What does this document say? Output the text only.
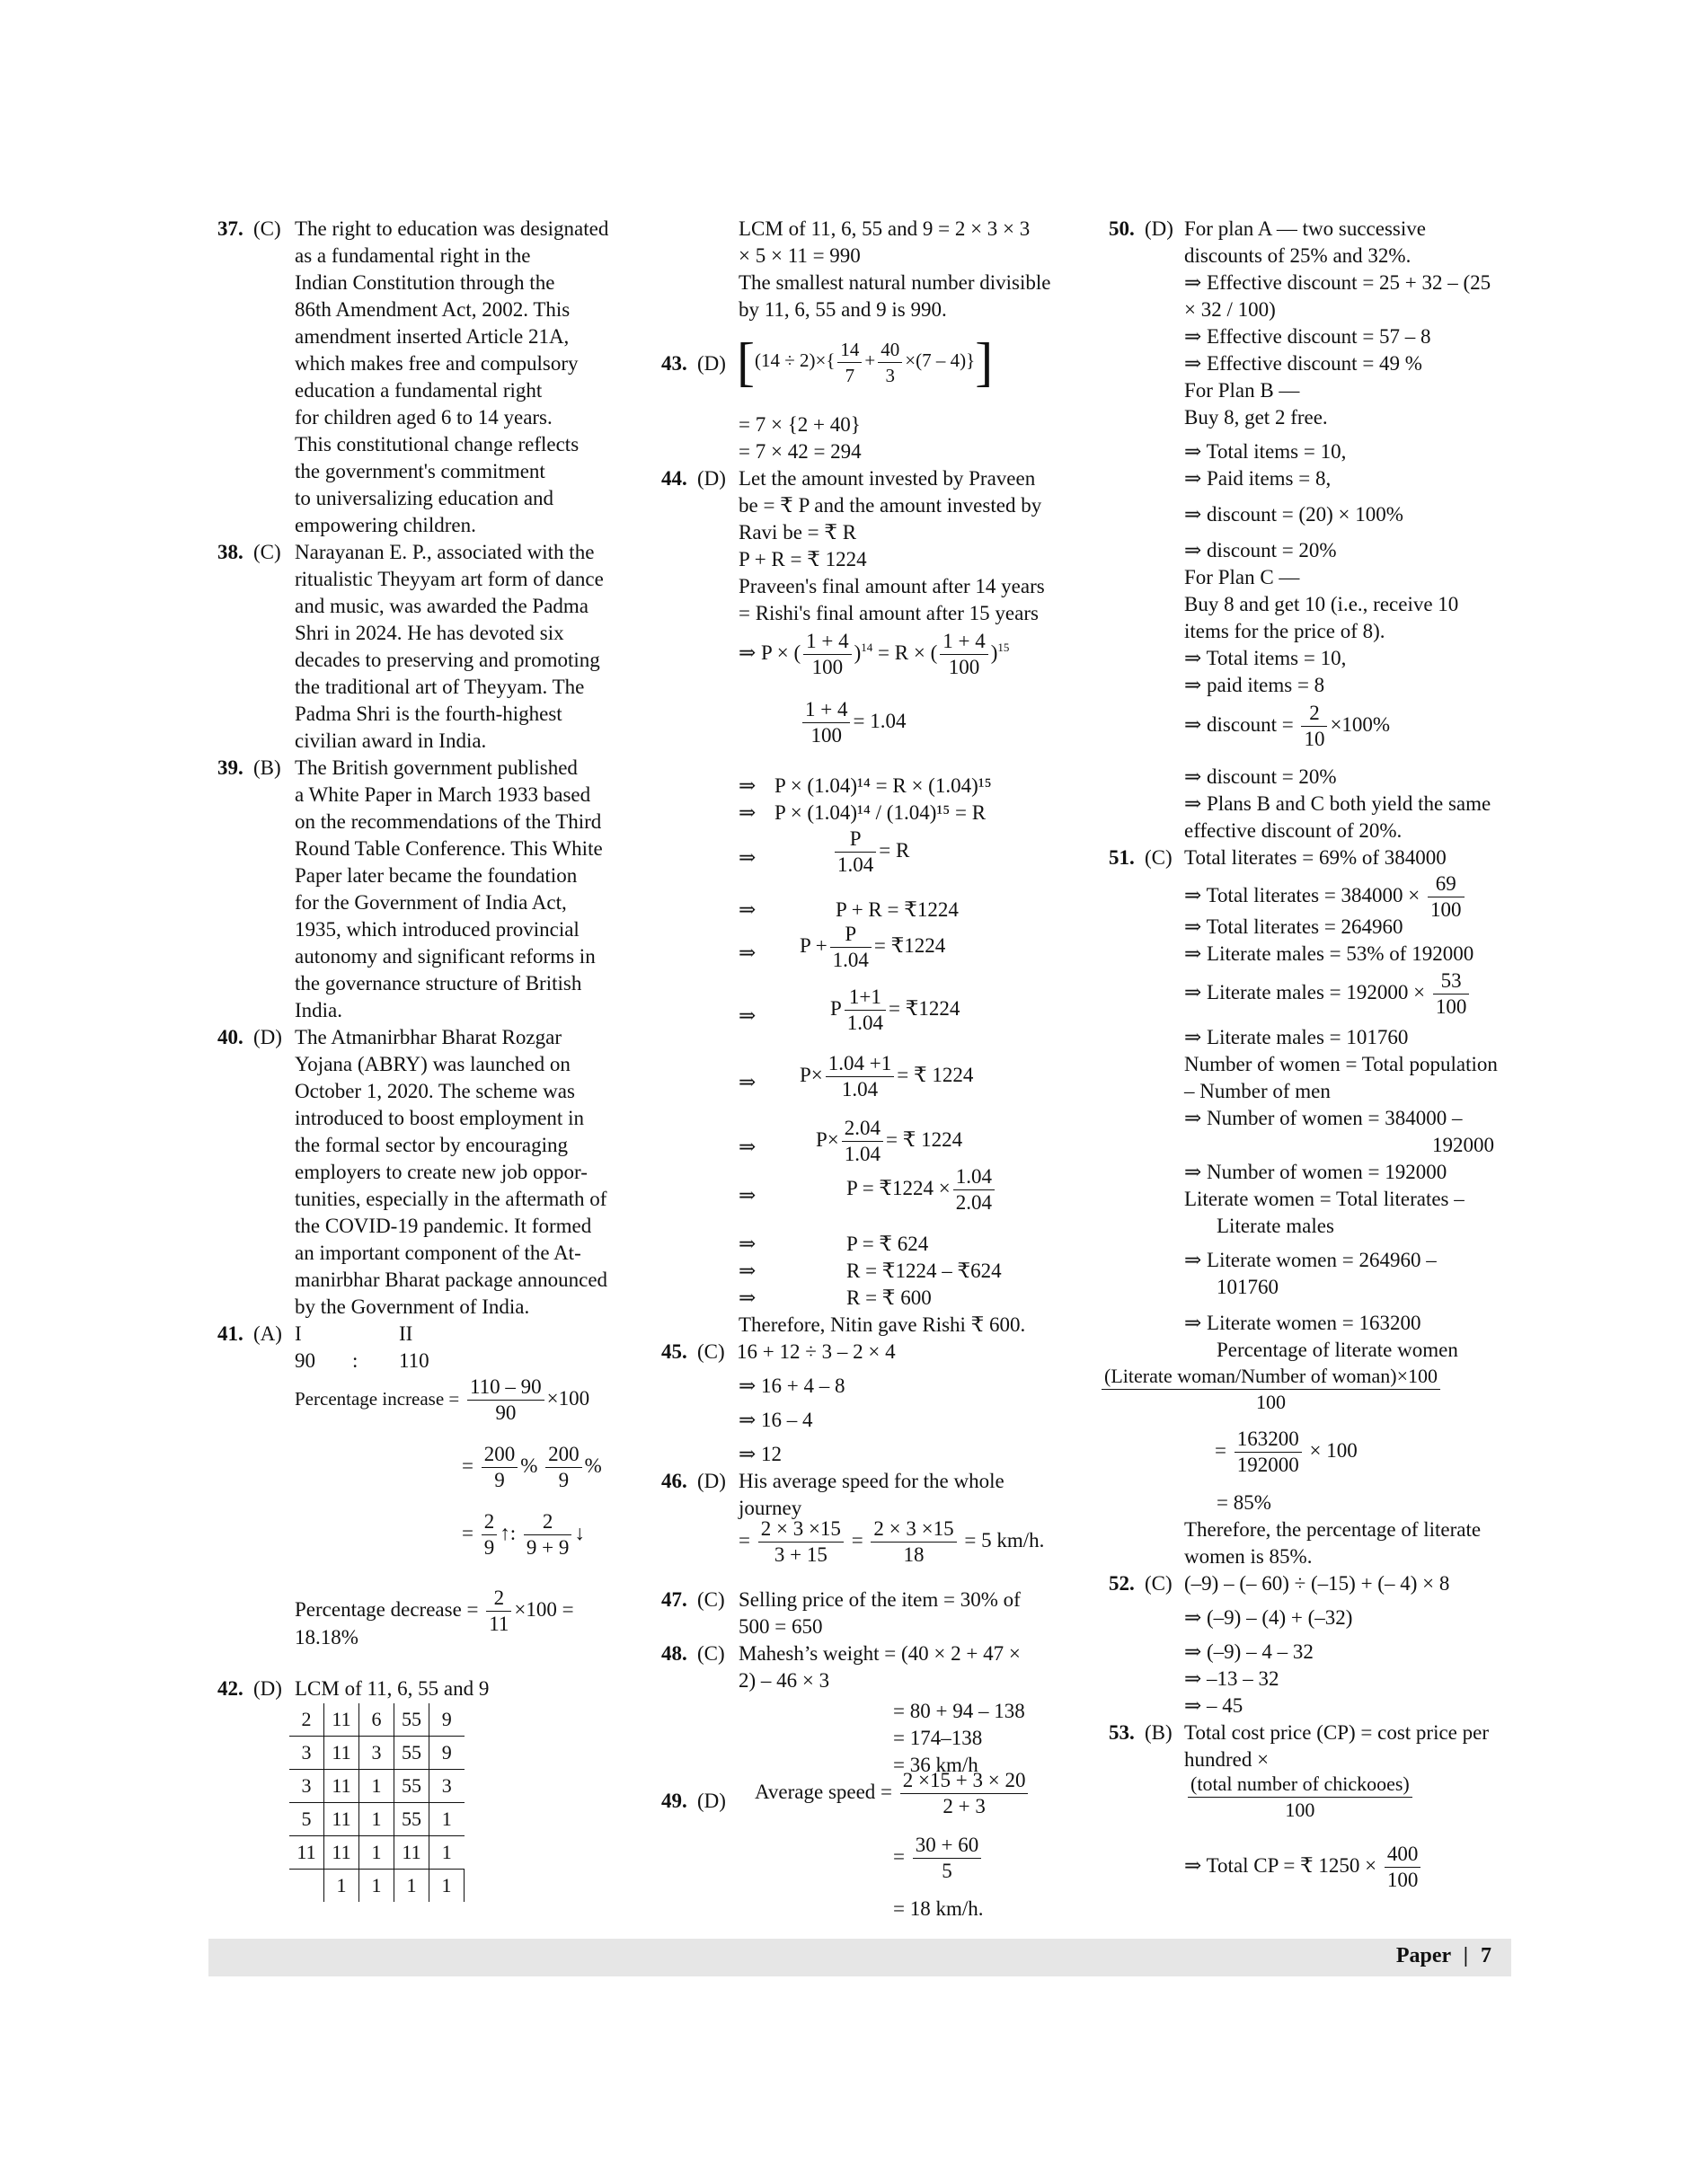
37. (C) The right to education was designated
as a fundamental right in the
Indian Constitution through the
86th Amendment Act, 2002. This
amendment inserted Article 21A,
which makes free and compulsory
education a fundamental right
for children aged 6 to 14 years.
This constitutional change reflects
the government's commitment
to universalizing education and
empowering children.
38. (C) Narayanan E. P., associated with the
ritualistic Theyyam art form of dance
and music, was awarded the Padma
Shri in 2024. He has devoted six
decades to preserving and promoting
the traditional art of Theyyam. The
Padma Shri is the fourth-highest
civilian award in India.
39. (B) The British government published
a White Paper in March 1933 based
on the recommendations of the Third
Round Table Conference. This White
Paper later became the foundation
for the Government of India Act,
1935, which introduced provincial
autonomy and significant reforms in
the governance structure of British
India.
40. (D) The Atmanirbhar Bharat Rozgar
Yojana (ABRY) was launched on
October 1, 2020. The scheme was
introduced to boost employment in
the formal sector by encouraging
employers to create new job oppor-
tunities, especially in the aftermath of
the COVID-19 pandemic. It formed
an important component of the At-
manirbhar Bharat package announced
by the Government of India.
41. (A) I	II
90 : 110
Percentage increase = $\frac{110 - 90}{90} \times 100$
= $\frac{200}{9}$ % $\frac{200}{9}$ %
= $\frac{2}{9}$ ↑: $\frac{2}{9 + 9}$ ↓
Percentage decrease = $\frac{2}{11} \times 100$ =
18.18%
42. (D) LCM of 11, 6, 55 and 9
2	11	6	55	9
3	11	3	55	9
3	11	1	55	3
5	11	1	55	1
11	11	1	11	1
	1	1	1	1
LCM of 11, 6, 55 and 9 = 2 × 3 × 3
× 5 × 11 = 990
The smallest natural number divisible
by 11, 6, 55 and 9 is 990.
43. (D) $[(14 \div 2)\times\{ \frac{14}{7} + \frac{40}{3} \times(7 - 4)\}]$
= 7 × {2 + 40}
= 7 × 42 = 294
44. (D) Let the amount invested by Praveen
be = ₹ P and the amount invested by
Ravi be = ₹ R
P + R = ₹ 1224
Praveen's final amount after 14 years
= Rishi's final amount after 15 years
⇒ P × ( $\frac{1 + 4}{100} )^{14} = R$ × ( $\frac{1 + 4}{100} )^{15}$
$\frac{1 + 4}{100} = 1.04$
⇒ P × (1.04)¹⁴ = R × (1.04)¹⁵
⇒ P × (1.04)¹⁴ / (1.04)¹⁵ = R
⇒	$\frac{P}{1.04} = R$
⇒	P + R = ₹1224
⇒ $P + \frac{P}{1.04}$ = ₹1224
⇒	P $\frac{1+1}{1.04}$ = ₹1224
⇒ $P\times \frac{1.04 +1}{1.04}$ = ₹ 1224
⇒	$P\times \frac{2.04}{1.04}$ = ₹ 1224
⇒	P = ₹1224 × $\frac{1.04}{2.04}$
⇒	P = ₹ 624
⇒	R = ₹1224 – ₹624
⇒	R = ₹ 600
Therefore, Nitin gave Rishi ₹ 600.
45. (C) 16 + 12 ÷ 3 – 2 × 4
⇒ 16 + 4 – 8
⇒ 16 – 4
⇒ 12
46. (D) His average speed for the whole
journey
= $\frac{2 \times 3 \times 15}{3 + 15} = \frac{2 \times 3 \times 15}{18} = 5$ km/h.
47. (C) Selling price of the item = 30% of
500 = 650
48. (C) Mahesh’s weight = (40 × 2 + 47 ×
2) – 46 × 3
= 80 + 94 – 138
= 174–138
= 36 km/h
49. (D) Average speed = $\frac{2 \times 15 + 3 \times 20}{2 + 3}$
= $\frac{30 + 60}{5}$
= 18 km/h.
50. (D) For plan A — two successive
discounts of 25% and 32%.
⇒ Effective discount = 25 + 32 – (25
× 32 / 100)
⇒ Effective discount = 57 – 8
⇒ Effective discount = 49 %
For Plan B —
Buy 8, get 2 free.
⇒ Total items = 10,
⇒ Paid items = 8,
⇒ discount = (20) × 100%
⇒ discount = 20%
For Plan C —
Buy 8 and get 10 (i.e., receive 10
items for the price of 8).
⇒ Total items = 10,
⇒ paid items = 8
⇒ discount = $\frac{2}{10} \times 100\%$
⇒ discount = 20%
⇒ Plans B and C both yield the same
effective discount of 20%.
51. (C) Total literates = 69% of 384000
⇒ Total literates = $384000 \times \frac{69}{100}$
⇒ Total literates = 264960
⇒ Literate males = 53% of 192000
⇒ Literate males = $192000 \times \frac{53}{100}$
⇒ Literate males = 101760
Number of women = Total population
– Number of men
⇒ Number of women = 384000 –
192000
⇒ Number of women = 192000
Literate women = Total literates –
Literate males
⇒ Literate women = 264960 –
101760
⇒ Literate women = 163200
Percentage of literate women
$\frac{\text{(Literate woman/Number of woman)×100}}{100}$
= $\frac{163200}{192000} \times 100$
= 85%
Therefore, the percentage of literate
women is 85%.
52. (C) (–9) – (– 60) ÷ (–15) + (– 4) × 8
⇒ (–9) – (4) + (–32)
⇒ (–9) – 4 – 32
⇒ –13 – 32
⇒ – 45
53. (B) Total cost price (CP) = cost price per
hundred ×
$\frac{\text{(total number of chickooes)}}{100}$
⇒ Total CP = ₹ $1250 \times \frac{400}{100}$
Paper | 7
